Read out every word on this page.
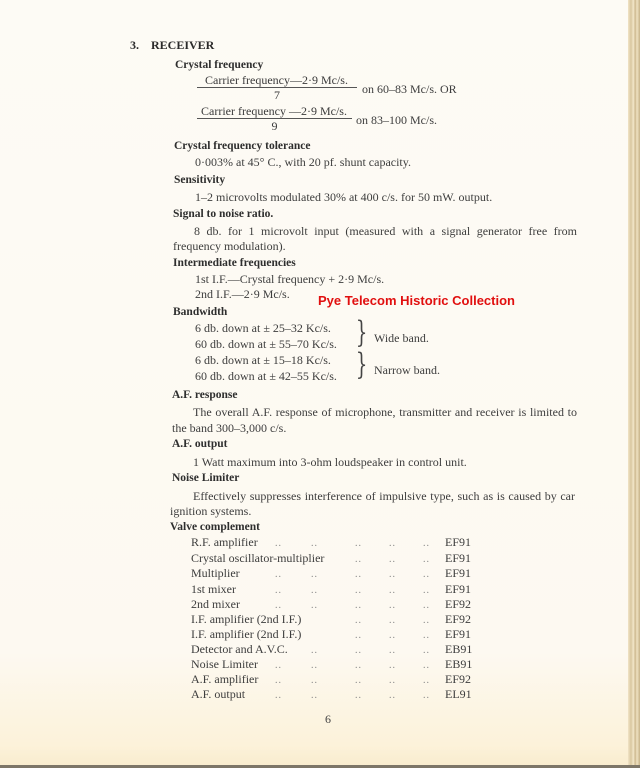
3. RECEIVER
Crystal frequency
Carrier frequency—2·9 Mc/s.
7	on 60–83 Mc/s. OR
Carrier frequency —2·9 Mc/s.
9	on 83–100 Mc/s.
Crystal frequency tolerance
0·003% at 45° C., with 20 pf. shunt capacity.
Sensitivity
1–2 microvolts modulated 30% at 400 c/s. for 50 mW. output.
Signal to noise ratio.
8 db. for 1 microvolt input (measured with a signal generator free from frequency modulation).
Intermediate frequencies
1st I.F.—Crystal frequency + 2·9 Mc/s.
2nd I.F.—2·9 Mc/s. Pye Telecom Historic Collection
Bandwidth
6 db. down at ± 25–32 Kc/s.
60 db. down at ± 55–70 Kc/s. } Wide band.
6 db. down at ± 15–18 Kc/s.
60 db. down at ± 42–55 Kc/s. } Narrow band.
A.F. response
The overall A.F. response of microphone, transmitter and receiver is limited to the band 300–3,000 c/s.
A.F. output
1 Watt maximum into 3-ohm loudspeaker in control unit.
Noise Limiter
Effectively suppresses interference of impulsive type, such as is caused by car ignition systems.
Valve complement
R.F. amplifier ..	..	..	..	.. EF91
Crystal oscillator-multiplier	..	..	.. EF91
Multiplier	..	..	..	..	.. EF91
1st mixer	..	..	..	..	.. EF91
2nd mixer	..	..	..	..	.. EF92
I.F. amplifier (2nd I.F.)	..	..	.. EF92
I.F. amplifier (2nd I.F.)	..	..	.. EF91
Detector and A.V.C. ..	..	..	.. EB91
Noise Limiter ..	..	..	..	.. EB91
A.F. amplifier ..	..	..	..	.. EF92
A.F. output	..	..	..	..	.. EL91
6
